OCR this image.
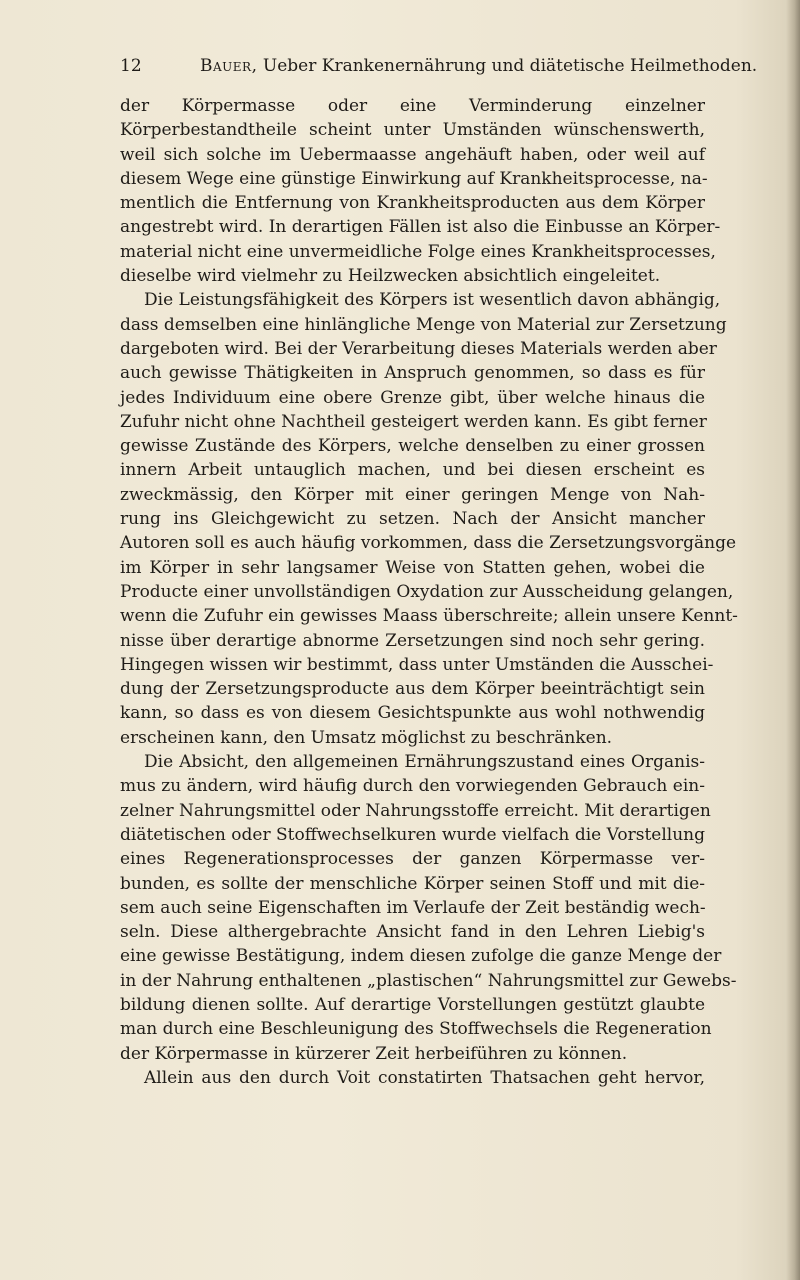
12	Bauer, Ueber Krankenernährung und diätetische Heilmethoden.
der Körpermasse oder eine Verminderung einzelner
Körperbestandtheile scheint unter Umständen wünschenswerth,
weil sich solche im Uebermaasse angehäuft haben, oder weil auf
diesem Wege eine günstige Einwirkung auf Krankheitsprocesse, na-
mentlich die Entfernung von Krankheitsproducten aus dem Körper
angestrebt wird. In derartigen Fällen ist also die Einbusse an Körper-
material nicht eine unvermeidliche Folge eines Krankheitsprocesses,
dieselbe wird vielmehr zu Heilzwecken absichtlich eingeleitet.
Die Leistungsfähigkeit des Körpers ist wesentlich davon abhängig,
dass demselben eine hinlängliche Menge von Material zur Zersetzung
dargeboten wird. Bei der Verarbeitung dieses Materials werden aber
auch gewisse Thätigkeiten in Anspruch genommen, so dass es für
jedes Individuum eine obere Grenze gibt, über welche hinaus die
Zufuhr nicht ohne Nachtheil gesteigert werden kann. Es gibt ferner
gewisse Zustände des Körpers, welche denselben zu einer grossen
innern Arbeit untauglich machen, und bei diesen erscheint es
zweckmässig, den Körper mit einer geringen Menge von Nah-
rung ins Gleichgewicht zu setzen. Nach der Ansicht mancher
Autoren soll es auch häufig vorkommen, dass die Zersetzungsvorgänge
im Körper in sehr langsamer Weise von Statten gehen, wobei die
Producte einer unvollständigen Oxydation zur Ausscheidung gelangen,
wenn die Zufuhr ein gewisses Maass überschreite; allein unsere Kennt-
nisse über derartige abnorme Zersetzungen sind noch sehr gering.
Hingegen wissen wir bestimmt, dass unter Umständen die Ausschei-
dung der Zersetzungsproducte aus dem Körper beeinträchtigt sein
kann, so dass es von diesem Gesichtspunkte aus wohl nothwendig
erscheinen kann, den Umsatz möglichst zu beschränken.
Die Absicht, den allgemeinen Ernährungszustand eines Organis-
mus zu ändern, wird häufig durch den vorwiegenden Gebrauch ein-
zelner Nahrungsmittel oder Nahrungsstoffe erreicht. Mit derartigen
diätetischen oder Stoffwechselkuren wurde vielfach die Vorstellung
eines Regenerationsprocesses der ganzen Körpermasse ver-
bunden, es sollte der menschliche Körper seinen Stoff und mit die-
sem auch seine Eigenschaften im Verlaufe der Zeit beständig wech-
seln. Diese althergebrachte Ansicht fand in den Lehren Liebig's
eine gewisse Bestätigung, indem diesen zufolge die ganze Menge der
in der Nahrung enthaltenen „plastischen“ Nahrungsmittel zur Gewebs-
bildung dienen sollte. Auf derartige Vorstellungen gestützt glaubte
man durch eine Beschleunigung des Stoffwechsels die Regeneration
der Körpermasse in kürzerer Zeit herbeiführen zu können.
Allein aus den durch Voit constatirten Thatsachen geht hervor,
